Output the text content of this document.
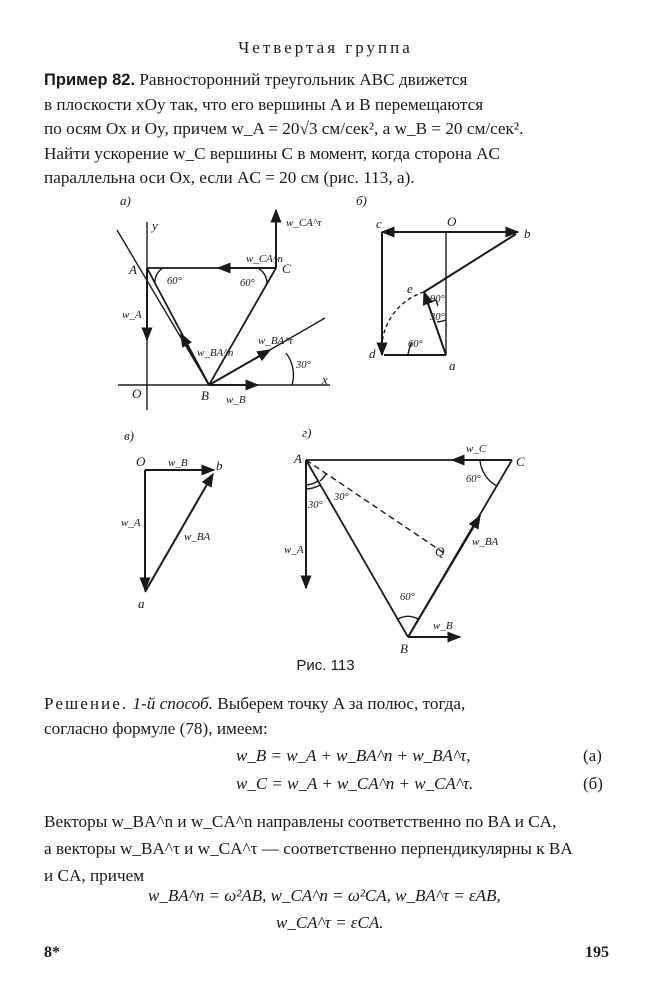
Четвертая группа
Пример 82. Равносторонний треугольник ABC движется
в плоскости xOy так, что его вершины A и B перемещаются
по осям Ox и Oy, причем w_A = 20√3 см/сек², а w_B = 20 см/сек².
Найти ускорение w_C вершины C в момент, когда сторона AC
параллельна оси Ox, если AC = 20 см (рис. 113, а).
а)
y
x
O
A
B
C
60°	60°
30°
w_A
w_B
w_CA^τ
w_CA^n
w_BA^n
w_BA^τ
б)
c	O
b
e
d
a
90°
30°
60°
в)
O	b
a
w_B
w_A
w_BA
г)
A	C
B
Q
30°
30°
60°
60°
w_C
w_A
w_BA
w_B
Рис. 113
Решение. 1-й способ. Выберем точку A за полюс, тогда,
согласно формуле (78), имеем:
w_B = w_A + w_BA^n + w_BA^τ,	(а)
w_C = w_A + w_CA^n + w_CA^τ.	(б)
Векторы w_BA^n и w_CA^n направлены соответственно по BA и CA,
а векторы w_BA^τ и w_CA^τ — соответственно перпендикулярны к BA
и CA, причем
w_BA^n = ω²AB, w_CA^n = ω²CA, w_BA^τ = εAB,
w_CA^τ = εCA.
8*	195
